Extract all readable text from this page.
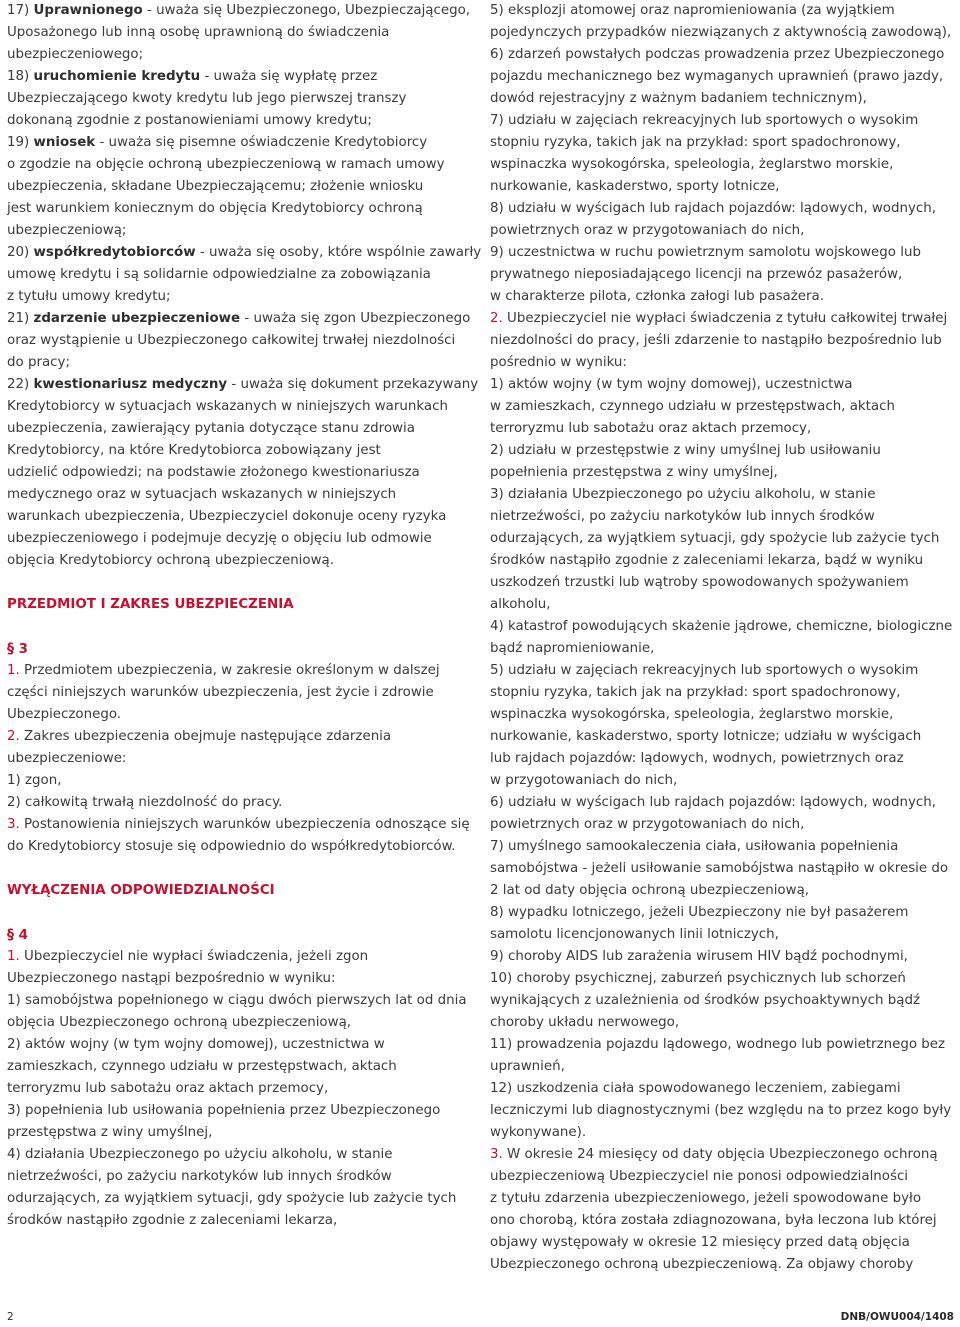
17) Uprawnionego - uważa się Ubezpieczonego, Ubezpieczającego,
Uposażonego lub inną osobę uprawnioną do świadczenia
ubezpieczeniowego;
18) uruchomienie kredytu - uważa się wypłatę przez
Ubezpieczającego kwoty kredytu lub jego pierwszej transzy
dokonaną zgodnie z postanowieniami umowy kredytu;
19) wniosek - uważa się pisemne oświadczenie Kredytobiorcy
o zgodzie na objęcie ochroną ubezpieczeniową w ramach umowy
ubezpieczenia, składane Ubezpieczającemu; złożenie wniosku
jest warunkiem koniecznym do objęcia Kredytobiorcy ochroną
ubezpieczeniową;
20) współkredytobiorców - uważa się osoby, które wspólnie zawarły
umowę kredytu i są solidarnie odpowiedzialne za zobowiązania
z tytułu umowy kredytu;
21) zdarzenie ubezpieczeniowe - uważa się zgon Ubezpieczonego
oraz wystąpienie u Ubezpieczonego całkowitej trwałej niezdolności
do pracy;
22) kwestionariusz medyczny - uważa się dokument przekazywany
Kredytobiorcy w sytuacjach wskazanych w niniejszych warunkach
ubezpieczenia, zawierający pytania dotyczące stanu zdrowia
Kredytobiorcy, na które Kredytobiorca zobowiązany jest
udzielić odpowiedzi; na podstawie złożonego kwestionariusza
medycznego oraz w sytuacjach wskazanych w niniejszych
warunkach ubezpieczenia, Ubezpieczyciel dokonuje oceny ryzyka
ubezpieczeniowego i podejmuje decyzję o objęciu lub odmowie
objęcia Kredytobiorcy ochroną ubezpieczeniową.
PRZEDMIOT I ZAKRES UBEZPIECZENIA
§ 3
1. Przedmiotem ubezpieczenia, w zakresie określonym w dalszej
części niniejszych warunków ubezpieczenia, jest życie i zdrowie
Ubezpieczonego.
2. Zakres ubezpieczenia obejmuje następujące zdarzenia
ubezpieczeniowe:
1) zgon,
2) całkowitą trwałą niezdolność do pracy.
3. Postanowienia niniejszych warunków ubezpieczenia odnoszące się
do Kredytobiorcy stosuje się odpowiednio do współkredytobiorców.
WYŁĄCZENIA ODPOWIEDZIALNOŚCI
§ 4
1. Ubezpieczyciel nie wypłaci świadczenia, jeżeli zgon
Ubezpieczonego nastąpi bezpośrednio w wyniku:
1) samobójstwa popełnionego w ciągu dwóch pierwszych lat od dnia
objęcia Ubezpieczonego ochroną ubezpieczeniową,
2) aktów wojny (w tym wojny domowej), uczestnictwa w
zamieszkach, czynnego udziału w przestępstwach, aktach
terroryzmu lub sabotażu oraz aktach przemocy,
3) popełnienia lub usiłowania popełnienia przez Ubezpieczonego
przestępstwa z winy umyślnej,
4) działania Ubezpieczonego po użyciu alkoholu, w stanie
nietrzeźwości, po zażyciu narkotyków lub innych środków
odurzających, za wyjątkiem sytuacji, gdy spożycie lub zażycie tych
środków nastąpiło zgodnie z zaleceniami lekarza,
5) eksplozji atomowej oraz napromieniowania (za wyjątkiem
pojedynczych przypadków niezwiązanych z aktywnością zawodową),
6) zdarzeń powstałych podczas prowadzenia przez Ubezpieczonego
pojazdu mechanicznego bez wymaganych uprawnień (prawo jazdy,
dowód rejestracyjny z ważnym badaniem technicznym),
7) udziału w zajęciach rekreacyjnych lub sportowych o wysokim
stopniu ryzyka, takich jak na przykład: sport spadochronowy,
wspinaczka wysokogórska, speleologia, żeglarstwo morskie,
nurkowanie, kaskaderstwo, sporty lotnicze,
8) udziału w wyścigach lub rajdach pojazdów: lądowych, wodnych,
powietrznych oraz w przygotowaniach do nich,
9) uczestnictwa w ruchu powietrznym samolotu wojskowego lub
prywatnego nieposiadającego licencji na przewóz pasażerów,
w charakterze pilota, członka załogi lub pasażera.
2. Ubezpieczyciel nie wypłaci świadczenia z tytułu całkowitej trwałej
niezdolności do pracy, jeśli zdarzenie to nastąpiło bezpośrednio lub
pośrednio w wyniku:
1) aktów wojny (w tym wojny domowej), uczestnictwa
w zamieszkach, czynnego udziału w przestępstwach, aktach
terroryzmu lub sabotażu oraz aktach przemocy,
2) udziału w przestępstwie z winy umyślnej lub usiłowaniu
popełnienia przestępstwa z winy umyślnej,
3) działania Ubezpieczonego po użyciu alkoholu, w stanie
nietrzeźwości, po zażyciu narkotyków lub innych środków
odurzających, za wyjątkiem sytuacji, gdy spożycie lub zażycie tych
środków nastąpiło zgodnie z zaleceniami lekarza, bądź w wyniku
uszkodzeń trzustki lub wątroby spowodowanych spożywaniem
alkoholu,
4) katastrof powodujących skażenie jądrowe, chemiczne, biologiczne
bądź napromieniowanie,
5) udziału w zajęciach rekreacyjnych lub sportowych o wysokim
stopniu ryzyka, takich jak na przykład: sport spadochronowy,
wspinaczka wysokogórska, speleologia, żeglarstwo morskie,
nurkowanie, kaskaderstwo, sporty lotnicze; udziału w wyścigach
lub rajdach pojazdów: lądowych, wodnych, powietrznych oraz
w przygotowaniach do nich,
6) udziału w wyścigach lub rajdach pojazdów: lądowych, wodnych,
powietrznych oraz w przygotowaniach do nich,
7) umyślnego samookaleczenia ciała, usiłowania popełnienia
samobójstwa - jeżeli usiłowanie samobójstwa nastąpiło w okresie do
2 lat od daty objęcia ochroną ubezpieczeniową,
8) wypadku lotniczego, jeżeli Ubezpieczony nie był pasażerem
samolotu licencjonowanych linii lotniczych,
9) choroby AIDS lub zarażenia wirusem HIV bądź pochodnymi,
10) choroby psychicznej, zaburzeń psychicznych lub schorzeń
wynikających z uzależnienia od środków psychoaktywnych bądź
choroby układu nerwowego,
11) prowadzenia pojazdu lądowego, wodnego lub powietrznego bez
uprawnień,
12) uszkodzenia ciała spowodowanego leczeniem, zabiegami
leczniczymi lub diagnostycznymi (bez względu na to przez kogo były
wykonywane).
3. W okresie 24 miesięcy od daty objęcia Ubezpieczonego ochroną
ubezpieczeniową Ubezpieczyciel nie ponosi odpowiedzialności
z tytułu zdarzenia ubezpieczeniowego, jeżeli spowodowane było
ono chorobą, która została zdiagnozowana, była leczona lub której
objawy występowały w okresie 12 miesięcy przed datą objęcia
Ubezpieczonego ochroną ubezpieczeniową. Za objawy choroby
2	DNB/OWU004/1408
